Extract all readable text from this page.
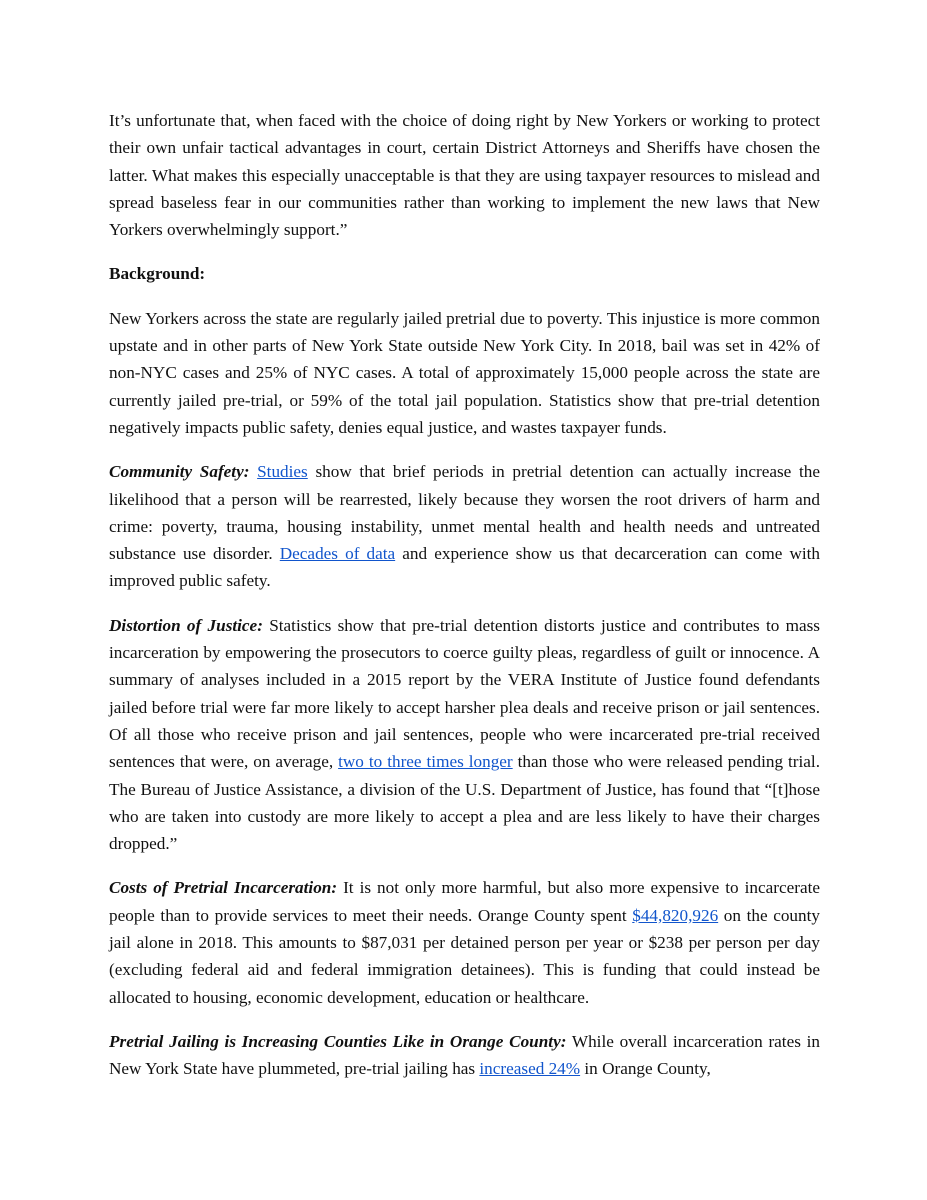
It’s unfortunate that, when faced with the choice of doing right by New Yorkers or working to protect their own unfair tactical advantages in court, certain District Attorneys and Sheriffs have chosen the latter. What makes this especially unacceptable is that they are using taxpayer resources to mislead and spread baseless fear in our communities rather than working to implement the new laws that New Yorkers overwhelmingly support.”

Background:

New Yorkers across the state are regularly jailed pretrial due to poverty. This injustice is more common upstate and in other parts of New York State outside New York City. In 2018, bail was set in 42% of non-NYC cases and 25% of NYC cases. A total of approximately 15,000 people across the state are currently jailed pre-trial, or 59% of the total jail population. Statistics show that pre-trial detention negatively impacts public safety, denies equal justice, and wastes taxpayer funds.

Community Safety: Studies show that brief periods in pretrial detention can actually increase the likelihood that a person will be rearrested, likely because they worsen the root drivers of harm and crime: poverty, trauma, housing instability, unmet mental health and health needs and untreated substance use disorder. Decades of data and experience show us that decarceration can come with improved public safety.

Distortion of Justice: Statistics show that pre-trial detention distorts justice and contributes to mass incarceration by empowering the prosecutors to coerce guilty pleas, regardless of guilt or innocence. A summary of analyses included in a 2015 report by the VERA Institute of Justice found defendants jailed before trial were far more likely to accept harsher plea deals and receive prison or jail sentences. Of all those who receive prison and jail sentences, people who were incarcerated pre-trial received sentences that were, on average, two to three times longer than those who were released pending trial. The Bureau of Justice Assistance, a division of the U.S. Department of Justice, has found that “[t]hose who are taken into custody are more likely to accept a plea and are less likely to have their charges dropped.”

Costs of Pretrial Incarceration: It is not only more harmful, but also more expensive to incarcerate people than to provide services to meet their needs. Orange County spent $44,820,926 on the county jail alone in 2018. This amounts to $87,031 per detained person per year or $238 per person per day (excluding federal aid and federal immigration detainees). This is funding that could instead be allocated to housing, economic development, education or healthcare.

Pretrial Jailing is Increasing Counties Like in Orange County: While overall incarceration rates in New York State have plummeted, pre-trial jailing has increased 24% in Orange County,
